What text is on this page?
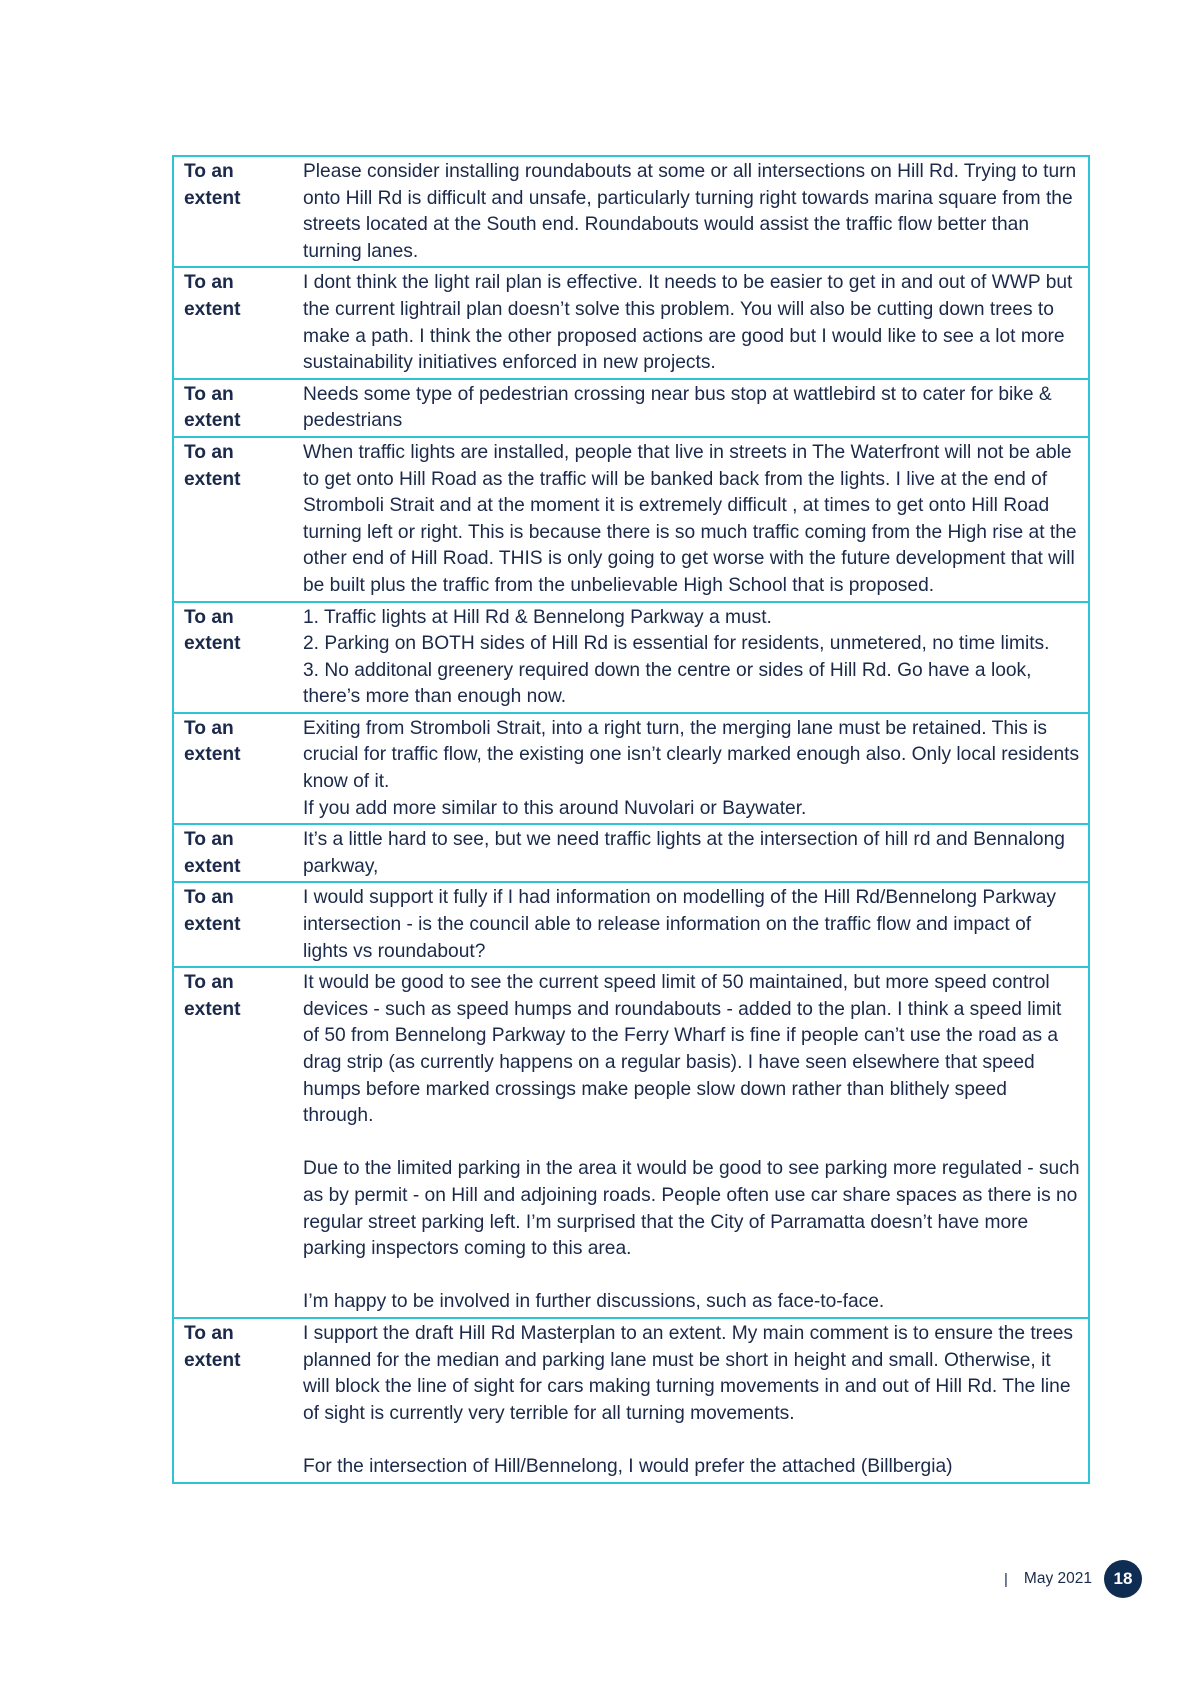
To an extent	Please consider installing roundabouts at some or all intersections on Hill Rd. Trying to turn onto Hill Rd is difficult and unsafe, particularly turning right towards marina square from the streets located at the South end. Roundabouts would assist the traffic flow better than turning lanes.

To an extent	I dont think the light rail plan is effective. It needs to be easier to get in and out of WWP but the current lightrail plan doesn’t solve this problem. You will also be cutting down trees to make a path. I think the other proposed actions are good but I would like to see a lot more sustainability initiatives enforced in new projects.

To an extent	Needs some type of pedestrian crossing near bus stop at wattlebird st to cater for bike & pedestrians

To an extent	When traffic lights are installed, people that live in streets in The Waterfront will not be able to get onto Hill Road as the traffic will be banked back from the lights. I live at the end of Stromboli Strait and at the moment it is extremely difficult , at times to get onto Hill Road turning left or right. This is because there is so much traffic coming from the High rise at the other end of Hill Road. THIS is only going to get worse with the future development that will be built plus the traffic from the unbelievable High School that is proposed.

To an extent	1. Traffic lights at Hill Rd & Bennelong Parkway a must.

2. Parking on BOTH sides of Hill Rd is essential for residents, unmetered, no time limits.

3. No additonal greenery required down the centre or sides of Hill Rd. Go have a look, there’s more than enough now.

To an extent	Exiting from Stromboli Strait, into a right turn, the merging lane must be retained. This is crucial for traffic flow, the existing one isn’t clearly marked enough also. Only local residents know of it.

If you add more similar to this around Nuvolari or Baywater.

To an extent	It’s a little hard to see, but we need traffic lights at the intersection of hill rd and Bennalong parkway,

To an extent	I would support it fully if I had information on modelling of the Hill Rd/Bennelong Parkway intersection - is the council able to release information on the traffic flow and impact of lights vs roundabout?

To an extent	It would be good to see the current speed limit of 50 maintained, but more speed control devices - such as speed humps and roundabouts - added to the plan. I think a speed limit of 50 from Bennelong Parkway to the Ferry Wharf is fine if people can’t use the road as a drag strip (as currently happens on a regular basis). I have seen elsewhere that speed humps before marked crossings make people slow down rather than blithely speed through.

Due to the limited parking in the area it would be good to see parking more regulated - such as by permit - on Hill and adjoining roads. People often use car share spaces as there is no regular street parking left. I’m surprised that the City of Parramatta doesn’t have more parking inspectors coming to this area.

I’m happy to be involved in further discussions, such as face-to-face.

To an extent	I support the draft Hill Rd Masterplan to an extent. My main comment is to ensure the trees planned for the median and parking lane must be short in height and small. Otherwise, it will block the line of sight for cars making turning movements in and out of Hill Rd. The line of sight is currently very terrible for all turning movements.

For the intersection of Hill/Bennelong, I would prefer the attached (Billbergia)

| May 2021	18
